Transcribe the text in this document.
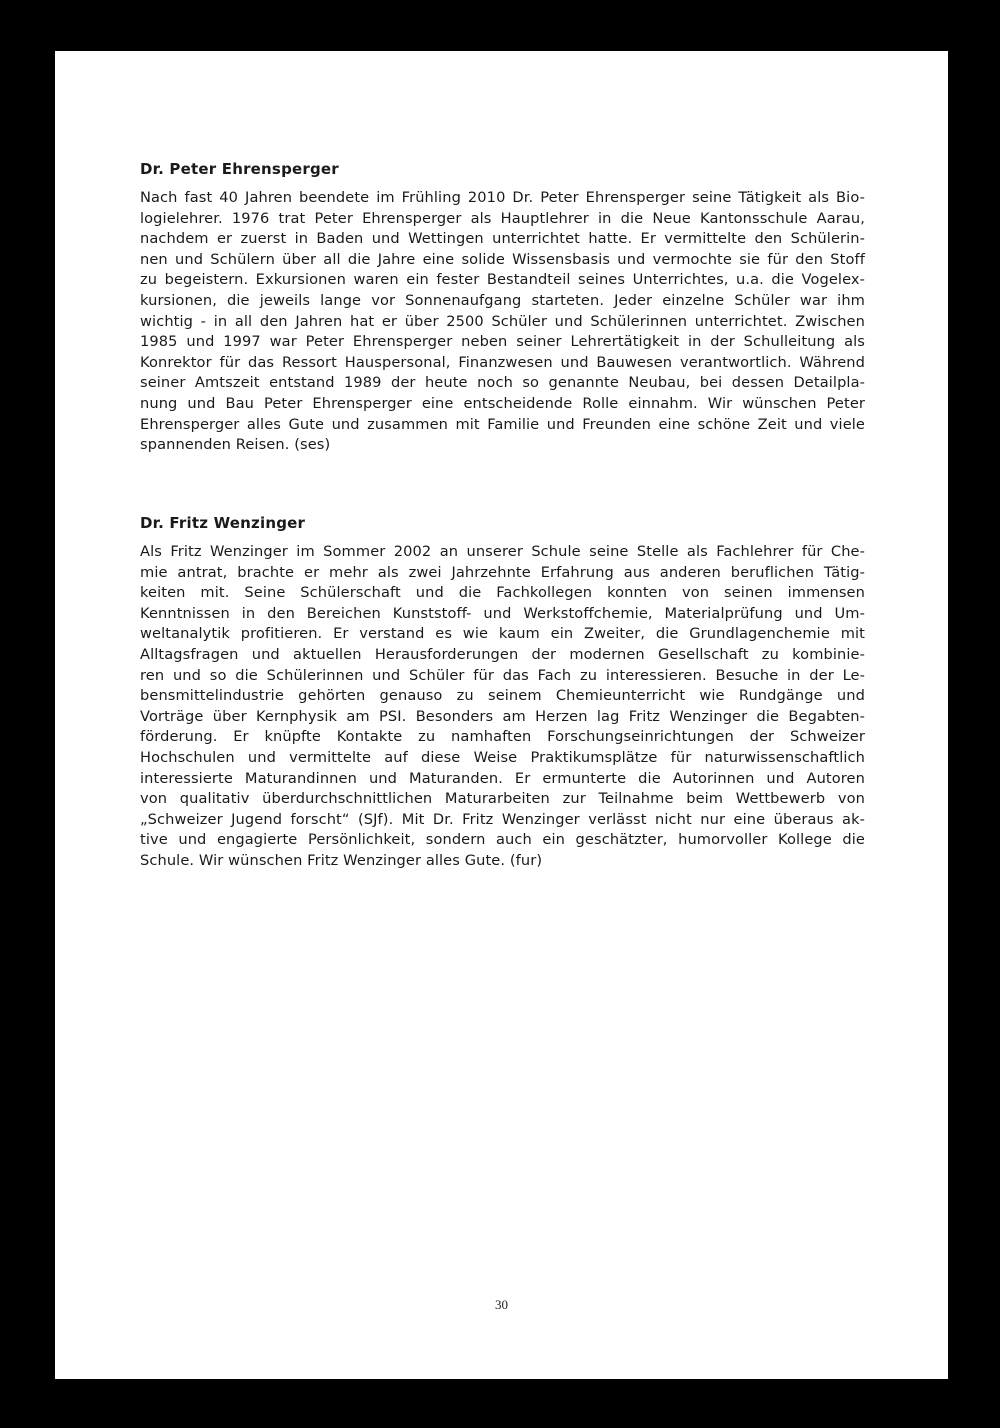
Dr. Peter Ehrensperger
Nach fast 40 Jahren beendete im Frühling 2010 Dr. Peter Ehrensperger seine Tätigkeit als Bio-
logielehrer. 1976 trat Peter Ehrensperger als Hauptlehrer in die Neue Kantonsschule Aarau,
nachdem er zuerst in Baden und Wettingen unterrichtet hatte. Er vermittelte den Schülerin-
nen und Schülern über all die Jahre eine solide Wissensbasis und vermochte sie für den Stoff
zu begeistern. Exkursionen waren ein fester Bestandteil seines Unterrichtes, u.a. die Vogelex-
kursionen, die jeweils lange vor Sonnenaufgang starteten. Jeder einzelne Schüler war ihm
wichtig - in all den Jahren hat er über 2500 Schüler und Schülerinnen unterrichtet. Zwischen
1985 und 1997 war Peter Ehrensperger neben seiner Lehrertätigkeit in der Schulleitung als
Konrektor für das Ressort Hauspersonal, Finanzwesen und Bauwesen verantwortlich. Während
seiner Amtszeit entstand 1989 der heute noch so genannte Neubau, bei dessen Detailpla-
nung und Bau Peter Ehrensperger eine entscheidende Rolle einnahm. Wir wünschen Peter
Ehrensperger alles Gute und zusammen mit Familie und Freunden eine schöne Zeit und viele
spannenden Reisen. (ses)
Dr. Fritz Wenzinger
Als Fritz Wenzinger im Sommer 2002 an unserer Schule seine Stelle als Fachlehrer für Che-
mie antrat, brachte er mehr als zwei Jahrzehnte Erfahrung aus anderen beruflichen Tätig-
keiten mit. Seine Schülerschaft und die Fachkollegen konnten von seinen immensen
Kenntnissen in den Bereichen Kunststoff- und Werkstoffchemie, Materialprüfung und Um-
weltanalytik profitieren. Er verstand es wie kaum ein Zweiter, die Grundlagenchemie mit
Alltagsfragen und aktuellen Herausforderungen der modernen Gesellschaft zu kombinie-
ren und so die Schülerinnen und Schüler für das Fach zu interessieren. Besuche in der Le-
bensmittelindustrie gehörten genauso zu seinem Chemieunterricht wie Rundgänge und
Vorträge über Kernphysik am PSI. Besonders am Herzen lag Fritz Wenzinger die Begabten-
förderung. Er knüpfte Kontakte zu namhaften Forschungseinrichtungen der Schweizer
Hochschulen und vermittelte auf diese Weise Praktikumsplätze für naturwissenschaftlich
interessierte Maturandinnen und Maturanden. Er ermunterte die Autorinnen und Autoren
von qualitativ überdurchschnittlichen Maturarbeiten zur Teilnahme beim Wettbewerb von
„Schweizer Jugend forscht“ (SJf). Mit Dr. Fritz Wenzinger verlässt nicht nur eine überaus ak-
tive und engagierte Persönlichkeit, sondern auch ein geschätzter, humorvoller Kollege die
Schule. Wir wünschen Fritz Wenzinger alles Gute. (fur)
30
